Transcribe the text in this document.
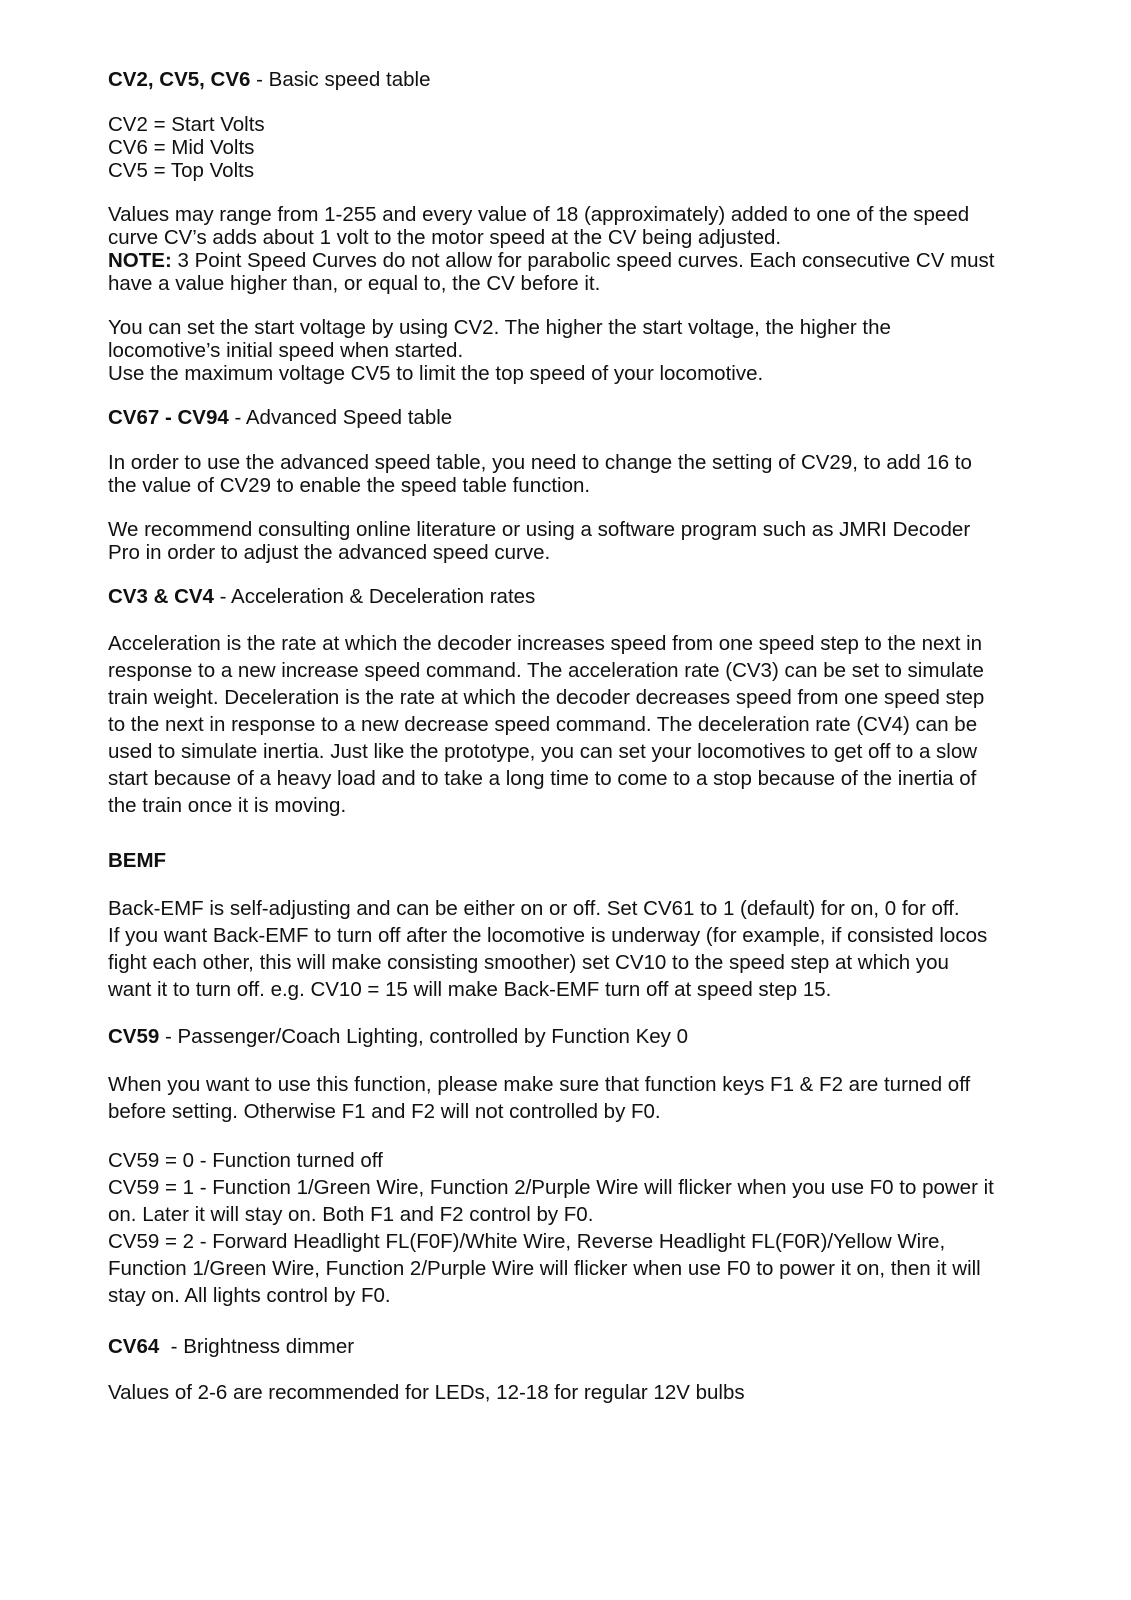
CV2, CV5, CV6 - Basic speed table

CV2 = Start Volts

CV6 = Mid Volts

CV5 = Top Volts

Values may range from 1-255 and every value of 18 (approximately) added to one of the speed

curve CV’s adds about 1 volt to the motor speed at the CV being adjusted.

NOTE: 3 Point Speed Curves do not allow for parabolic speed curves. Each consecutive CV must

have a value higher than, or equal to, the CV before it.

You can set the start voltage by using CV2. The higher the start voltage, the higher the

locomotive’s initial speed when started.

Use the maximum voltage CV5 to limit the top speed of your locomotive.

CV67 - CV94 - Advanced Speed table

In order to use the advanced speed table, you need to change the setting of CV29, to add 16 to

the value of CV29 to enable the speed table function.

We recommend consulting online literature or using a software program such as JMRI Decoder

Pro in order to adjust the advanced speed curve.

CV3 & CV4 - Acceleration & Deceleration rates

Acceleration is the rate at which the decoder increases speed from one speed step to the next in

response to a new increase speed command. The acceleration rate (CV3) can be set to simulate

train weight. Deceleration is the rate at which the decoder decreases speed from one speed step

to the next in response to a new decrease speed command. The deceleration rate (CV4) can be

used to simulate inertia. Just like the prototype, you can set your locomotives to get off to a slow

start because of a heavy load and to take a long time to come to a stop because of the inertia of

the train once it is moving.

BEMF

Back-EMF is self-adjusting and can be either on or off. Set CV61 to 1 (default) for on, 0 for off.

If you want Back-EMF to turn off after the locomotive is underway (for example, if consisted locos

fight each other, this will make consisting smoother) set CV10 to the speed step at which you

want it to turn off. e.g. CV10 = 15 will make Back-EMF turn off at speed step 15.

CV59 - Passenger/Coach Lighting, controlled by Function Key 0

When you want to use this function, please make sure that function keys F1 & F2 are turned off

before setting. Otherwise F1 and F2 will not controlled by F0.

CV59 = 0 - Function turned off

CV59 = 1 - Function 1/Green Wire, Function 2/Purple Wire will flicker when you use F0 to power it

on. Later it will stay on. Both F1 and F2 control by F0.

CV59 = 2 - Forward Headlight FL(F0F)/White Wire, Reverse Headlight FL(F0R)/Yellow Wire,

Function 1/Green Wire, Function 2/Purple Wire will flicker when use F0 to power it on, then it will

stay on. All lights control by F0.

CV64  - Brightness dimmer

Values of 2-6 are recommended for LEDs, 12-18 for regular 12V bulbs
